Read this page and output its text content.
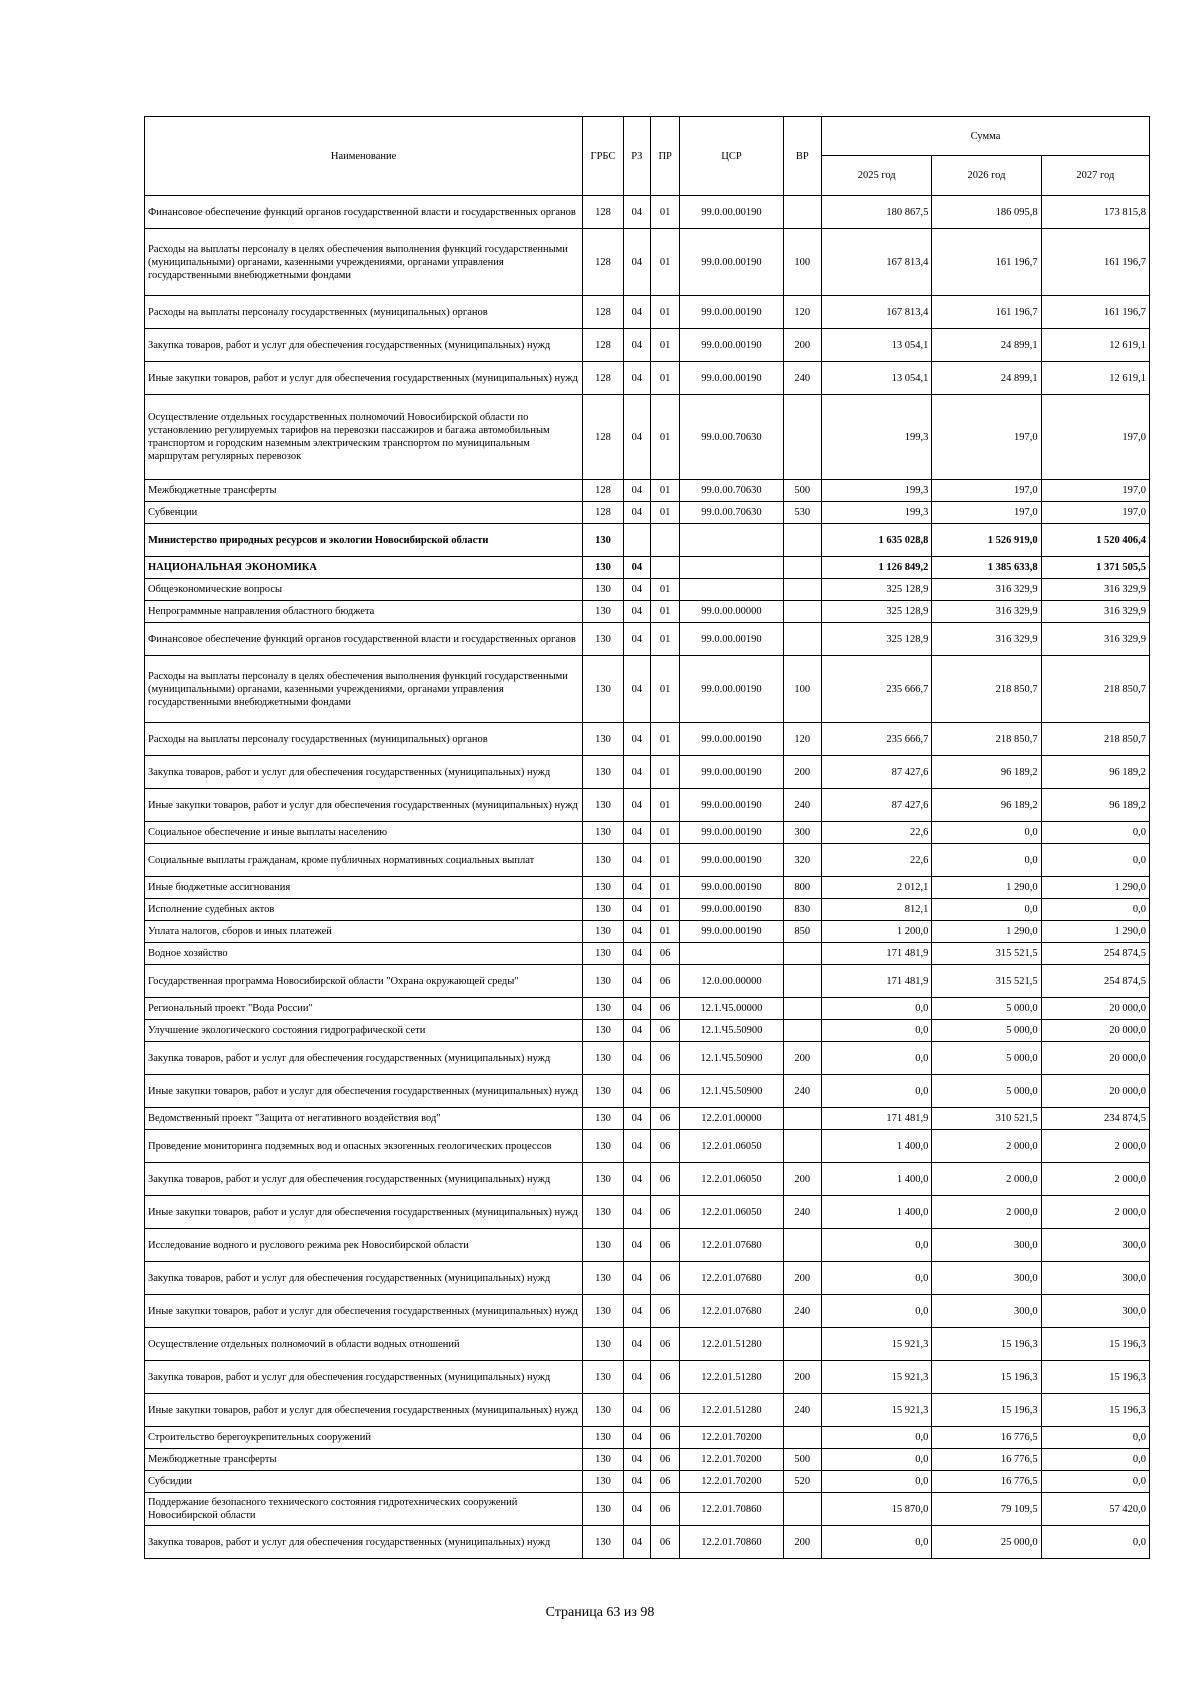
Наименование	ГРБС	РЗ	ПР	ЦСР	ВР	Сумма		
						2025 год	2026 год	2027 год
Финансовое обеспечение функций органов государственной власти и государственных органов	128	04	01	99.0.00.00190		180 867,5	186 095,8	173 815,8
Расходы на выплаты персоналу в целях обеспечения выполнения функций государственными (муниципальными) органами, казенными учреждениями, органами управления государственными внебюджетными фондами	128	04	01	99.0.00.00190	100	167 813,4	161 196,7	161 196,7
Расходы на выплаты персоналу государственных (муниципальных) органов	128	04	01	99.0.00.00190	120	167 813,4	161 196,7	161 196,7
Закупка товаров, работ и услуг для обеспечения государственных (муниципальных) нужд	128	04	01	99.0.00.00190	200	13 054,1	24 899,1	12 619,1
Иные закупки товаров, работ и услуг для обеспечения государственных (муниципальных) нужд	128	04	01	99.0.00.00190	240	13 054,1	24 899,1	12 619,1
Осуществление отдельных государственных полномочий Новосибирской области по установлению регулируемых тарифов на перевозки пассажиров и багажа автомобильным транспортом и городским наземным электрическим транспортом по муниципальным маршрутам регулярных перевозок	128	04	01	99.0.00.70630		199,3	197,0	197,0
Межбюджетные трансферты	128	04	01	99.0.00.70630	500	199,3	197,0	197,0
Субвенции	128	04	01	99.0.00.70630	530	199,3	197,0	197,0
Министерство природных ресурсов и экологии Новосибирской области	130					1 635 028,8	1 526 919,0	1 520 406,4
НАЦИОНАЛЬНАЯ ЭКОНОМИКА	130	04				1 126 849,2	1 385 633,8	1 371 505,5
Общеэкономические вопросы	130	04	01			325 128,9	316 329,9	316 329,9
Непрограммные направления областного бюджета	130	04	01	99.0.00.00000		325 128,9	316 329,9	316 329,9
Финансовое обеспечение функций органов государственной власти и государственных органов	130	04	01	99.0.00.00190		325 128,9	316 329,9	316 329,9
Расходы на выплаты персоналу в целях обеспечения выполнения функций государственными (муниципальными) органами, казенными учреждениями, органами управления государственными внебюджетными фондами	130	04	01	99.0.00.00190	100	235 666,7	218 850,7	218 850,7
Расходы на выплаты персоналу государственных (муниципальных) органов	130	04	01	99.0.00.00190	120	235 666,7	218 850,7	218 850,7
Закупка товаров, работ и услуг для обеспечения государственных (муниципальных) нужд	130	04	01	99.0.00.00190	200	87 427,6	96 189,2	96 189,2
Иные закупки товаров, работ и услуг для обеспечения государственных (муниципальных) нужд	130	04	01	99.0.00.00190	240	87 427,6	96 189,2	96 189,2
Социальное обеспечение и иные выплаты населению	130	04	01	99.0.00.00190	300	22,6	0,0	0,0
Социальные выплаты гражданам, кроме публичных нормативных социальных выплат	130	04	01	99.0.00.00190	320	22,6	0,0	0,0
Иные бюджетные ассигнования	130	04	01	99.0.00.00190	800	2 012,1	1 290,0	1 290,0
Исполнение судебных актов	130	04	01	99.0.00.00190	830	812,1	0,0	0,0
Уплата налогов, сборов и иных платежей	130	04	01	99.0.00.00190	850	1 200,0	1 290,0	1 290,0
Водное хозяйство	130	04	06			171 481,9	315 521,5	254 874,5
Государственная программа Новосибирской области "Охрана окружающей среды"	130	04	06	12.0.00.00000		171 481,9	315 521,5	254 874,5
Региональный проект "Вода России"	130	04	06	12.1.Ч5.00000		0,0	5 000,0	20 000,0
Улучшение экологического состояния гидрографической сети	130	04	06	12.1.Ч5.50900		0,0	5 000,0	20 000,0
Закупка товаров, работ и услуг для обеспечения государственных (муниципальных) нужд	130	04	06	12.1.Ч5.50900	200	0,0	5 000,0	20 000,0
Иные закупки товаров, работ и услуг для обеспечения государственных (муниципальных) нужд	130	04	06	12.1.Ч5.50900	240	0,0	5 000,0	20 000,0
Ведомственный проект "Защита от негативного воздействия вод"	130	04	06	12.2.01.00000		171 481,9	310 521,5	234 874,5
Проведение мониторинга подземных вод и опасных экзогенных геологических процессов	130	04	06	12.2.01.06050		1 400,0	2 000,0	2 000,0
Закупка товаров, работ и услуг для обеспечения государственных (муниципальных) нужд	130	04	06	12.2.01.06050	200	1 400,0	2 000,0	2 000,0
Иные закупки товаров, работ и услуг для обеспечения государственных (муниципальных) нужд	130	04	06	12.2.01.06050	240	1 400,0	2 000,0	2 000,0
Исследование водного и руслового режима рек Новосибирской области	130	04	06	12.2.01.07680		0,0	300,0	300,0
Закупка товаров, работ и услуг для обеспечения государственных (муниципальных) нужд	130	04	06	12.2.01.07680	200	0,0	300,0	300,0
Иные закупки товаров, работ и услуг для обеспечения государственных (муниципальных) нужд	130	04	06	12.2.01.07680	240	0,0	300,0	300,0
Осуществление отдельных полномочий в области водных отношений	130	04	06	12.2.01.51280		15 921,3	15 196,3	15 196,3
Закупка товаров, работ и услуг для обеспечения государственных (муниципальных) нужд	130	04	06	12.2.01.51280	200	15 921,3	15 196,3	15 196,3
Иные закупки товаров, работ и услуг для обеспечения государственных (муниципальных) нужд	130	04	06	12.2.01.51280	240	15 921,3	15 196,3	15 196,3
Строительство берегоукрепительных сооружений	130	04	06	12.2.01.70200		0,0	16 776,5	0,0
Межбюджетные трансферты	130	04	06	12.2.01.70200	500	0,0	16 776,5	0,0
Субсидии	130	04	06	12.2.01.70200	520	0,0	16 776,5	0,0
Поддержание безопасного технического состояния гидротехнических сооружений Новосибирской области	130	04	06	12.2.01.70860		15 870,0	79 109,5	57 420,0
Закупка товаров, работ и услуг для обеспечения государственных (муниципальных) нужд	130	04	06	12.2.01.70860	200	0,0	25 000,0	0,0
Страница 63 из 98
